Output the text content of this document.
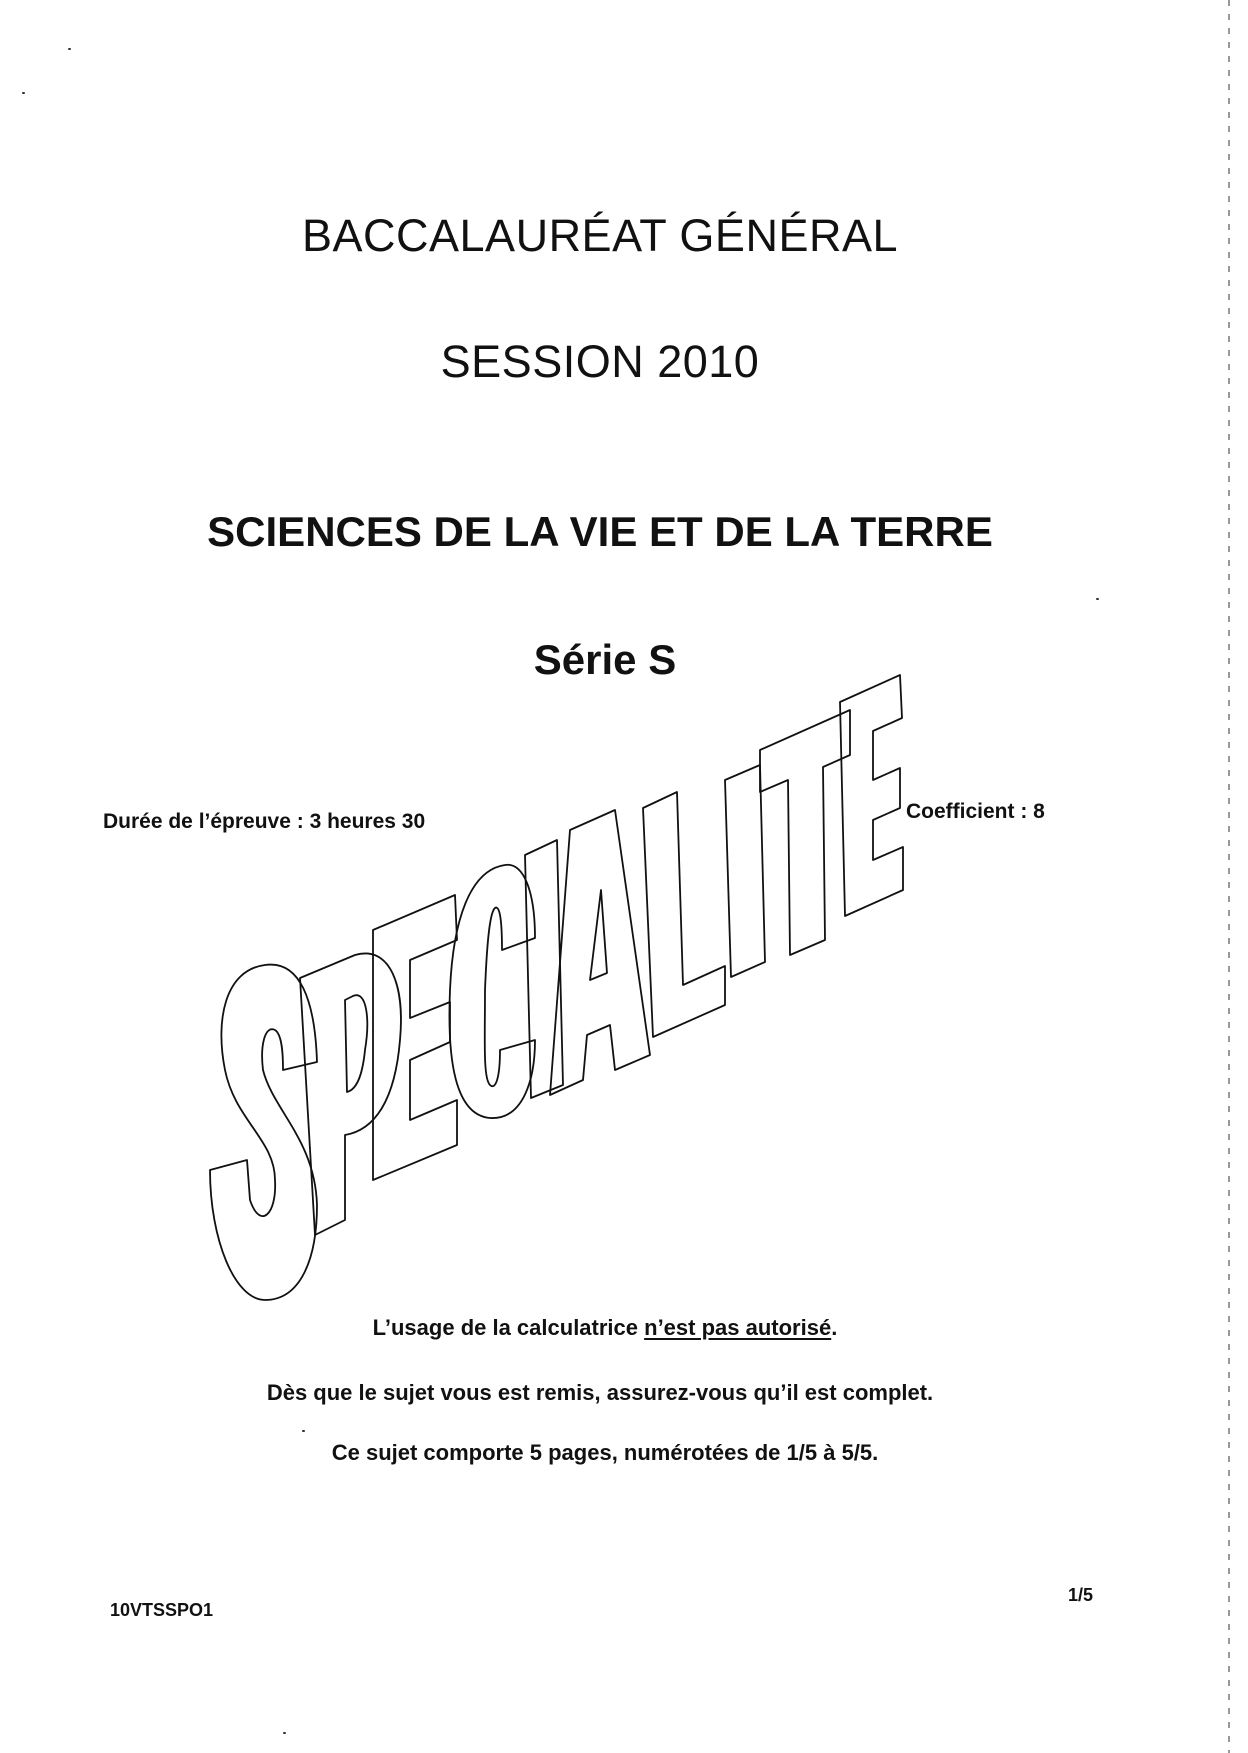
BACCALAURÉAT GÉNÉRAL
SESSION 2010
SCIENCES DE LA VIE ET DE LA TERRE
Série S
Durée de l’épreuve : 3 heures 30	Coefficient : 8
L’usage de la calculatrice n’est pas autorisé.
Dès que le sujet vous est remis, assurez-vous qu’il est complet.
Ce sujet comporte 5 pages, numérotées de 1/5 à 5/5.
10VTSSPO1
1/5
